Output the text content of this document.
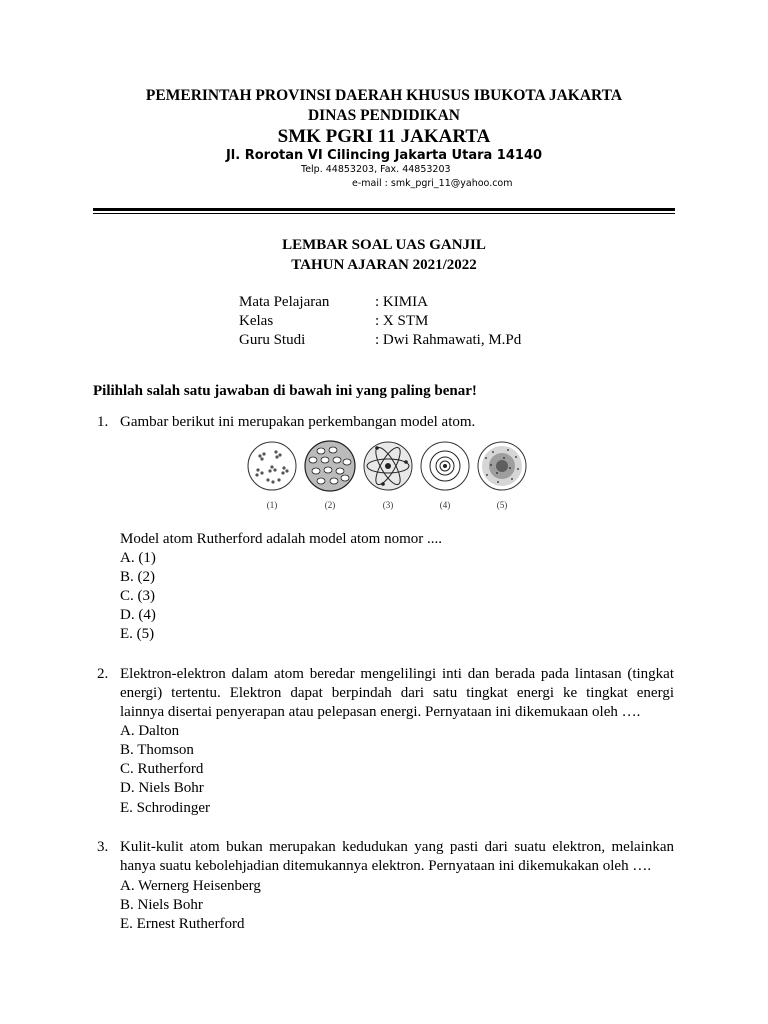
PEMERINTAH PROVINSI DAERAH KHUSUS IBUKOTA JAKARTA
DINAS PENDIDIKAN
SMK PGRI 11 JAKARTA
Jl. Rorotan VI Cilincing Jakarta Utara 14140
Telp. 44853203, Fax. 44853203
e-mail : smk_pgri_11@yahoo.com
LEMBAR SOAL UAS GANJIL
TAHUN AJARAN 2021/2022
Mata Pelajaran	: KIMIA
Kelas	: X STM
Guru Studi	: Dwi Rahmawati, M.Pd
Pilihlah salah satu jawaban di bawah ini yang paling benar!
1. Gambar berikut ini merupakan perkembangan model atom.
(1)	(2)	(3)	(4)	(5)
Model atom Rutherford adalah model atom nomor ....
A. (1)
B. (2)
C. (3)
D. (4)
E. (5)
2. Elektron-elektron dalam atom beredar mengelilingi inti dan berada pada lintasan (tingkat
energi) tertentu. Elektron dapat berpindah dari satu tingkat energi ke tingkat energi
lainnya disertai penyerapan atau pelepasan energi. Pernyataan ini dikemukaan oleh ….
A. Dalton
B. Thomson
C. Rutherford
D. Niels Bohr
E. Schrodinger
3. Kulit-kulit atom bukan merupakan kedudukan yang pasti dari suatu elektron, melainkan
hanya suatu kebolehjadian ditemukannya elektron. Pernyataan ini dikemukakan oleh ….
A. Wernerg Heisenberg
B. Niels Bohr
E. Ernest Rutherford
